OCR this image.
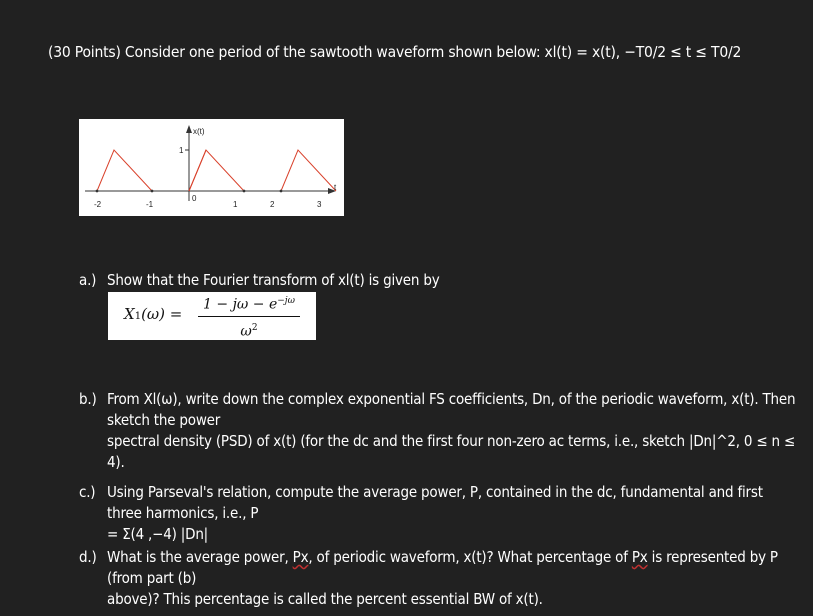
(30 Points) Consider one period of the sawtooth waveform shown below: xl(t) = x(t), −T0/2 ≤ t ≤ T0/2
x(t)
t
1
-2	-1
0
1	2	3
a.) Show that the Fourier transform of xl(t) is given by
X1(ω) =
$1 - j\omega - e^{-j\omega}$
$\omega^2$
b.) From Xl(ω), write down the complex exponential FS coefficients, Dn, of the periodic waveform, x(t). Then sketch the power
spectral density (PSD) of x(t) (for the dc and the first four non-zero ac terms, i.e., sketch |Dn|^2, 0 ≤ n ≤ 4).
c.) Using Parseval's relation, compute the average power, P, contained in the dc, fundamental and first three harmonics, i.e., P
= Σ(4 ,−4) |Dn|
d.) What is the average power, Px, of periodic waveform, x(t)? What percentage of Px is represented by P (from part (b)
above)? This percentage is called the percent essential BW of x(t).
